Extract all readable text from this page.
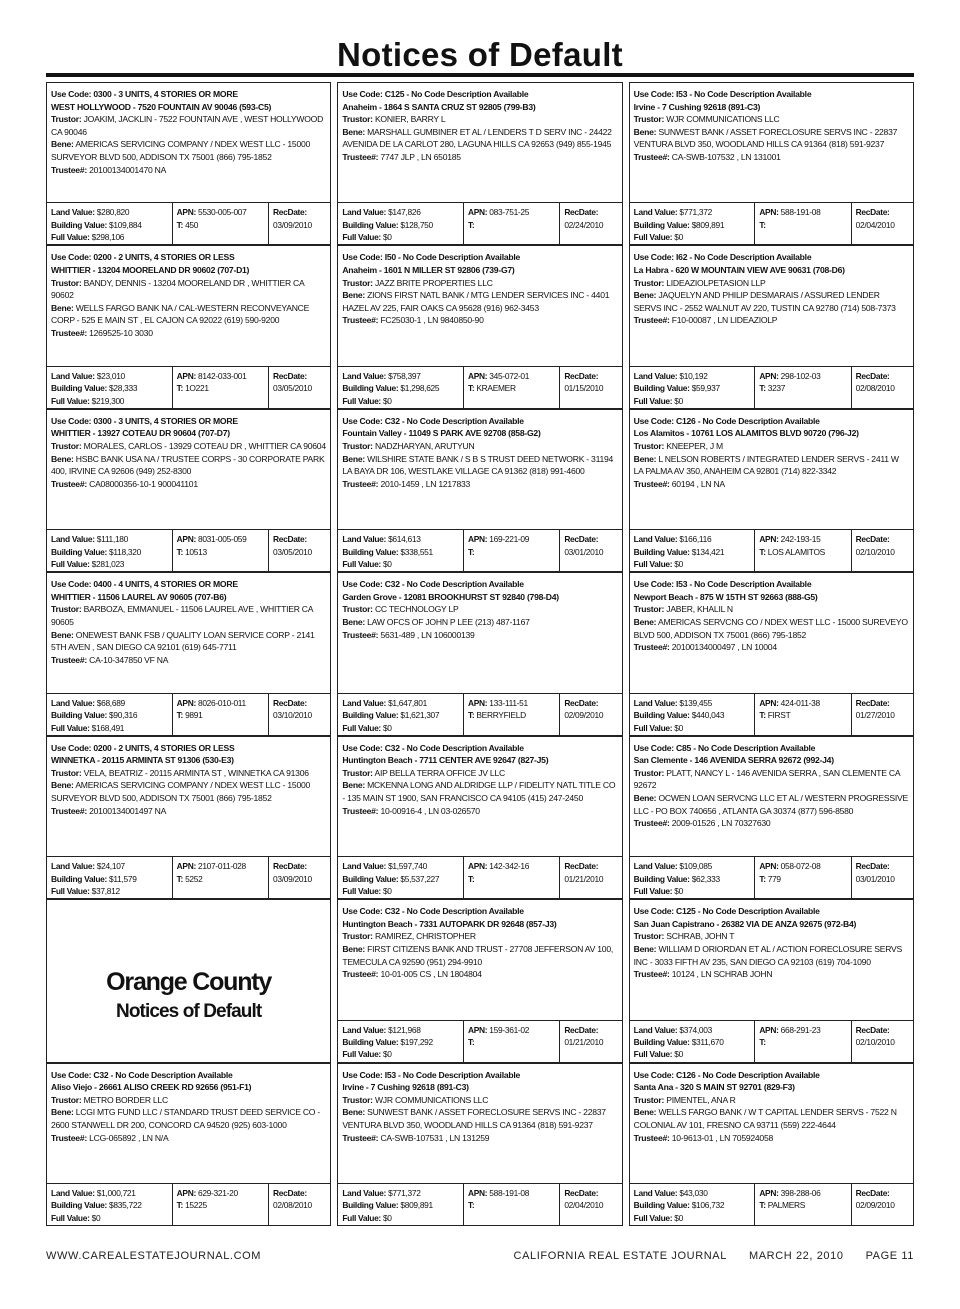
Notices of Default
Use Code: 0300 - 3 UNITS, 4 STORIES OR MORE
WEST HOLLYWOOD - 7520 FOUNTAIN AV 90046 (593-C5)
Trustor: JOAKIM, JACKLIN - 7522 FOUNTAIN AVE , WEST HOLLYWOOD CA 90046
Bene: AMERICAS SERVICING COMPANY / NDEX WEST LLC - 15000 SURVEYOR BLVD 500, ADDISON TX 75001 (866) 795-1852
Trustee#: 20100134001470 NA
Land Value: $280,820
Building Value: $109,884
Full Value: $298,106
APN: 5530-005-007
T: 450
RecDate:
03/09/2010
Use Code: C125 - No Code Description Available
Anaheim - 1864 S SANTA CRUZ ST 92805 (799-B3)
Trustor: KONIER, BARRY L
Bene: MARSHALL GUMBINER ET AL / LENDERS T D SERV INC - 24422 AVENIDA DE LA CARLOT 280, LAGUNA HILLS CA 92653 (949) 855-1945
Trustee#: 7747 JLP , LN 650185
Land Value: $147,826
Building Value: $128,750
Full Value: $0
APN: 083-751-25
T:
RecDate:
02/24/2010
Use Code: I53 - No Code Description Available
Irvine - 7 Cushing 92618 (891-C3)
Trustor: WJR COMMUNICATIONS LLC
Bene: SUNWEST BANK / ASSET FORECLOSURE SERVS INC - 22837 VENTURA BLVD 350, WOODLAND HILLS CA 91364 (818) 591-9237
Trustee#: CA-SWB-107532 , LN 131001
Land Value: $771,372
Building Value: $809,891
Full Value: $0
APN: 588-191-08
T:
RecDate:
02/04/2010
Use Code: 0200 - 2 UNITS, 4 STORIES OR LESS
WHITTIER - 13204 MOORELAND DR 90602 (707-D1)
Trustor: BANDY, DENNIS - 13204 MOORELAND DR , WHITTIER CA 90602
Bene: WELLS FARGO BANK NA / CAL-WESTERN RECONVEYANCE CORP - 525 E MAIN ST , EL CAJON CA 92022 (619) 590-9200
Trustee#: 1269525-10 3030
Land Value: $23,010
Building Value: $28,333
Full Value: $219,300
APN: 8142-033-001
T: 1O221
RecDate:
03/05/2010
Use Code: I50 - No Code Description Available
Anaheim - 1601 N MILLER ST 92806 (739-G7)
Trustor: JAZZ BRITE PROPERTIES LLC
Bene: ZIONS FIRST NATL BANK / MTG LENDER SERVICES INC - 4401 HAZEL AV 225, FAIR OAKS CA 95628 (916) 962-3453
Trustee#: FC25030-1 , LN 9840850-90
Land Value: $758,397
Building Value: $1,298,625
Full Value: $0
APN: 345-072-01
T: KRAEMER
RecDate:
01/15/2010
Use Code: I62 - No Code Description Available
La Habra - 620 W MOUNTAIN VIEW AVE 90631 (708-D6)
Trustor: LIDEAZIOLPETASION LLP
Bene: JAQUELYN AND PHILIP DESMARAIS / ASSURED LENDER SERVS INC - 2552 WALNUT AV 220, TUSTIN CA 92780 (714) 508-7373
Trustee#: F10-00087 , LN LIDEAZIOLP
Land Value: $10,192
Building Value: $59,937
Full Value: $0
APN: 298-102-03
T: 3237
RecDate:
02/08/2010
Use Code: 0300 - 3 UNITS, 4 STORIES OR MORE
WHITTIER - 13927 COTEAU DR 90604 (707-D7)
Trustor: MORALES, CARLOS - 13929 COTEAU DR , WHITTIER CA 90604
Bene: HSBC BANK USA NA / TRUSTEE CORPS - 30 CORPORATE PARK 400, IRVINE CA 92606 (949) 252-8300
Trustee#: CA08000356-10-1 900041101
Land Value: $111,180
Building Value: $118,320
Full Value: $281,023
APN: 8031-005-059
T: 10513
RecDate:
03/05/2010
Use Code: C32 - No Code Description Available
Fountain Valley - 11049 S PARK AVE 92708 (858-G2)
Trustor: NADZHARYAN, ARUTYUN
Bene: WILSHIRE STATE BANK / S B S TRUST DEED NETWORK - 31194 LA BAYA DR 106, WESTLAKE VILLAGE CA 91362 (818) 991-4600
Trustee#: 2010-1459 , LN 1217833
Land Value: $614,613
Building Value: $338,551
Full Value: $0
APN: 169-221-09
T:
RecDate:
03/01/2010
Use Code: C126 - No Code Description Available
Los Alamitos - 10761 LOS ALAMITOS BLVD 90720 (796-J2)
Trustor: KNEEPER, J M
Bene: L NELSON ROBERTS / INTEGRATED LENDER SERVS - 2411 W LA PALMA AV 350, ANAHEIM CA 92801 (714) 822-3342
Trustee#: 60194 , LN NA
Land Value: $166,116
Building Value: $134,421
Full Value: $0
APN: 242-193-15
T: LOS ALAMITOS
RecDate:
02/10/2010
Use Code: 0400 - 4 UNITS, 4 STORIES OR MORE
WHITTIER - 11506 LAUREL AV 90605 (707-B6)
Trustor: BARBOZA, EMMANUEL - 11506 LAUREL AVE , WHITTIER CA 90605
Bene: ONEWEST BANK FSB / QUALITY LOAN SERVICE CORP - 2141 5TH AVEN , SAN DIEGO CA 92101 (619) 645-7711
Trustee#: CA-10-347850 VF NA
Land Value: $68,689
Building Value: $90,316
Full Value: $168,491
APN: 8026-010-011
T: 9891
RecDate:
03/10/2010
Use Code: C32 - No Code Description Available
Garden Grove - 12081 BROOKHURST ST 92840 (798-D4)
Trustor: CC TECHNOLOGY LP
Bene: LAW OFCS OF JOHN P LEE (213) 487-1167
Trustee#: 5631-489 , LN 106000139
Land Value: $1,647,801
Building Value: $1,621,307
Full Value: $0
APN: 133-111-51
T: BERRYFIELD
RecDate:
02/09/2010
Use Code: I53 - No Code Description Available
Newport Beach - 875 W 15TH ST 92663 (888-G5)
Trustor: JABER, KHALIL N
Bene: AMERICAS SERVCNG CO / NDEX WEST LLC - 15000 SUREVEYO BLVD 500, ADDISON TX 75001 (866) 795-1852
Trustee#: 20100134000497 , LN 10004
Land Value: $139,455
Building Value: $440,043
Full Value: $0
APN: 424-011-38
T: FIRST
RecDate:
01/27/2010
Use Code: 0200 - 2 UNITS, 4 STORIES OR LESS
WINNETKA - 20115 ARMINTA ST 91306 (530-E3)
Trustor: VELA, BEATRIZ - 20115 ARMINTA ST , WINNETKA CA 91306
Bene: AMERICAS SERVICING COMPANY / NDEX WEST LLC - 15000 SURVEYOR BLVD 500, ADDISON TX 75001 (866) 795-1852
Trustee#: 20100134001497 NA
Land Value: $24,107
Building Value: $11,579
Full Value: $37,812
APN: 2107-011-028
T: 5252
RecDate:
03/09/2010
Use Code: C32 - No Code Description Available
Huntington Beach - 7711 CENTER AVE 92647 (827-J5)
Trustor: AIP BELLA TERRA OFFICE JV LLC
Bene: MCKENNA LONG AND ALDRIDGE LLP / FIDELITY NATL TITLE CO - 135 MAIN ST 1900, SAN FRANCISCO CA 94105 (415) 247-2450
Trustee#: 10-00916-4 , LN 03-026570
Land Value: $1,597,740
Building Value: $5,537,227
Full Value: $0
APN: 142-342-16
T:
RecDate:
01/21/2010
Use Code: C85 - No Code Description Available
San Clemente - 146 AVENIDA SERRA 92672 (992-J4)
Trustor: PLATT, NANCY L - 146 AVENIDA SERRA , SAN CLEMENTE CA 92672
Bene: OCWEN LOAN SERVCNG LLC ET AL / WESTERN PROGRESSIVE LLC - PO BOX 740656 , ATLANTA GA 30374 (877) 596-8580
Trustee#: 2009-01526 , LN 70327630
Land Value: $109,085
Building Value: $62,333
Full Value: $0
APN: 058-072-08
T: 779
RecDate:
03/01/2010
Orange County
Notices of Default
Use Code: C32 - No Code Description Available
Huntington Beach - 7331 AUTOPARK DR 92648 (857-J3)
Trustor: RAMIREZ, CHRISTOPHER
Bene: FIRST CITIZENS BANK AND TRUST - 27708 JEFFERSON AV 100, TEMECULA CA 92590 (951) 294-9910
Trustee#: 10-01-005 CS , LN 1804804
Land Value: $121,968
Building Value: $197,292
Full Value: $0
APN: 159-361-02
T:
RecDate:
01/21/2010
Use Code: C125 - No Code Description Available
San Juan Capistrano - 26382 VIA DE ANZA 92675 (972-B4)
Trustor: SCHRAB, JOHN T
Bene: WILLIAM D ORIORDAN ET AL / ACTION FORECLOSURE SERVS INC - 3033 FIFTH AV 235, SAN DIEGO CA 92103 (619) 704-1090
Trustee#: 10124 , LN SCHRAB JOHN
Land Value: $374,003
Building Value: $311,670
Full Value: $0
APN: 668-291-23
T:
RecDate:
02/10/2010
Use Code: C32 - No Code Description Available
Aliso Viejo - 26661 ALISO CREEK RD 92656 (951-F1)
Trustor: METRO BORDER LLC
Bene: LCGI MTG FUND LLC / STANDARD TRUST DEED SERVICE CO - 2600 STANWELL DR 200, CONCORD CA 94520 (925) 603-1000
Trustee#: LCG-065892 , LN N/A
Land Value: $1,000,721
Building Value: $835,722
Full Value: $0
APN: 629-321-20
T: 15225
RecDate:
02/08/2010
Use Code: I53 - No Code Description Available
Irvine - 7 Cushing 92618 (891-C3)
Trustor: WJR COMMUNICATIONS LLC
Bene: SUNWEST BANK / ASSET FORECLOSURE SERVS INC - 22837 VENTURA BLVD 350, WOODLAND HILLS CA 91364 (818) 591-9237
Trustee#: CA-SWB-107531 , LN 131259
Land Value: $771,372
Building Value: $809,891
Full Value: $0
APN: 588-191-08
T:
RecDate:
02/04/2010
Use Code: C126 - No Code Description Available
Santa Ana - 320 S MAIN ST 92701 (829-F3)
Trustor: PIMENTEL, ANA R
Bene: WELLS FARGO BANK / W T CAPITAL LENDER SERVS - 7522 N COLONIAL AV 101, FRESNO CA 93711 (559) 222-4644
Trustee#: 10-9613-01 , LN 705924058
Land Value: $43,030
Building Value: $106,732
Full Value: $0
APN: 398-288-06
T: PALMERS
RecDate:
02/09/2010
WWW.CAREALESTATEJOURNAL.COM	CALIFORNIA REAL ESTATE JOURNAL MARCH 22, 2010 PAGE 11
